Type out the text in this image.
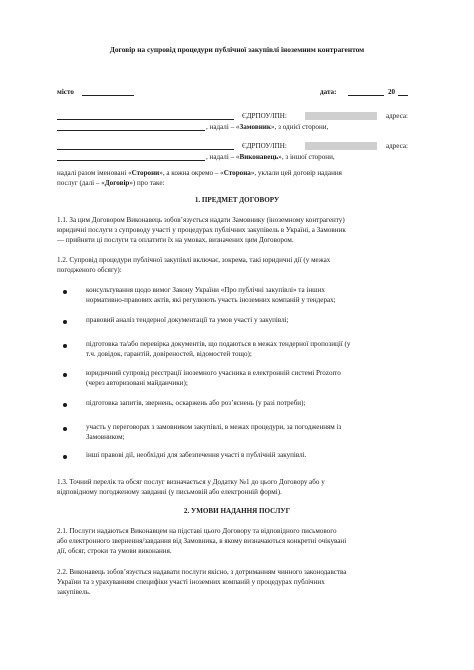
Договір на супровід процедури публічної закупівлі іноземним контрагентом
місто	дата:	20
ЄДРПОУ/ІПН:	адреса:
, надалі – «Замовник», з однієї сторони,
ЄДРПОУ/ІПН:	адреса:
, надалі – «Виконавець», з іншої сторони,
надалі разом іменовані «Сторони», а кожна окремо – «Сторона», уклали цей договір надання
послуг (далі – «Договір») про таке:
1. ПРЕДМЕТ ДОГОВОРУ
1.1. За цим Договором Виконавець зобов’язується надати Замовнику (іноземному контрагенту)
юридичні послуги з супроводу участі у процедурах публічних закупівель в Україні, а Замовник
— прийняти ці послуги та оплатити їх на умовах, визначених цим Договором.
1.2. Супровід процедури публічної закупівлі включає, зокрема, такі юридичні дії (у межах
погодженого обсягу):
консультування щодо вимог Закону України «Про публічні закупівлі» та інших
нормативно-правових актів, які регулюють участь іноземних компаній у тендерах;
правовий аналіз тендерної документації та умов участі у закупівлі;
підготовка та/або перевірка документів, що подаються в межах тендерної пропозиції (у
т.ч. довідок, гарантій, довіреностей, відомостей тощо);
юридичний супровід реєстрації іноземного учасника в електронній системі Prozorro
(через авторизовані майданчики);
підготовка запитів, звернень, оскаржень або роз’яснень (у разі потреби);
участь у переговорах з замовником закупівлі, в межах процедури, за погодженням із
Замовником;
інші правові дії, необхідні для забезпечення участі в публічній закупівлі.
1.3. Точний перелік та обсяг послуг визначається у Додатку №1 до цього Договору або у
відповідному погодженому завданні (у письмовій або електронній формі).
2. УМОВИ НАДАННЯ ПОСЛУГ
2.1. Послуги надаються Виконавцем на підставі цього Договору та відповідного письмового
або електронного звернення/завдання від Замовника, в якому визначаються конкретні очікувані
дії, обсяг, строки та умови виконання.
2.2. Виконавець зобов’язується надавати послуги якісно, з дотриманням чинного законодавства
України та з урахуванням специфіки участі іноземних компаній у процедурах публічних
закупівель.
